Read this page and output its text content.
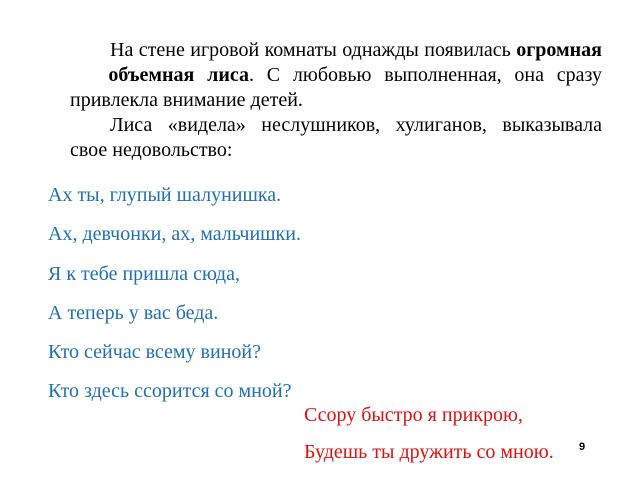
На стене игровой комнаты однажды появилась огромная   объемная лиса. С любовью выполненная, она сразу привлекла внимание детей.

Лиса «видела» неслушников, хулиганов, выказывала свое недовольство:

Ах ты, глупый шалунишка.
Ах, девчонки, ах, мальчишки.
Я к тебе пришла сюда,
А теперь у вас беда.
Кто сейчас всему виной?
Кто здесь ссорится со мной?
Ссору быстро я прикрою,
Будешь ты дружить со мною. 9
